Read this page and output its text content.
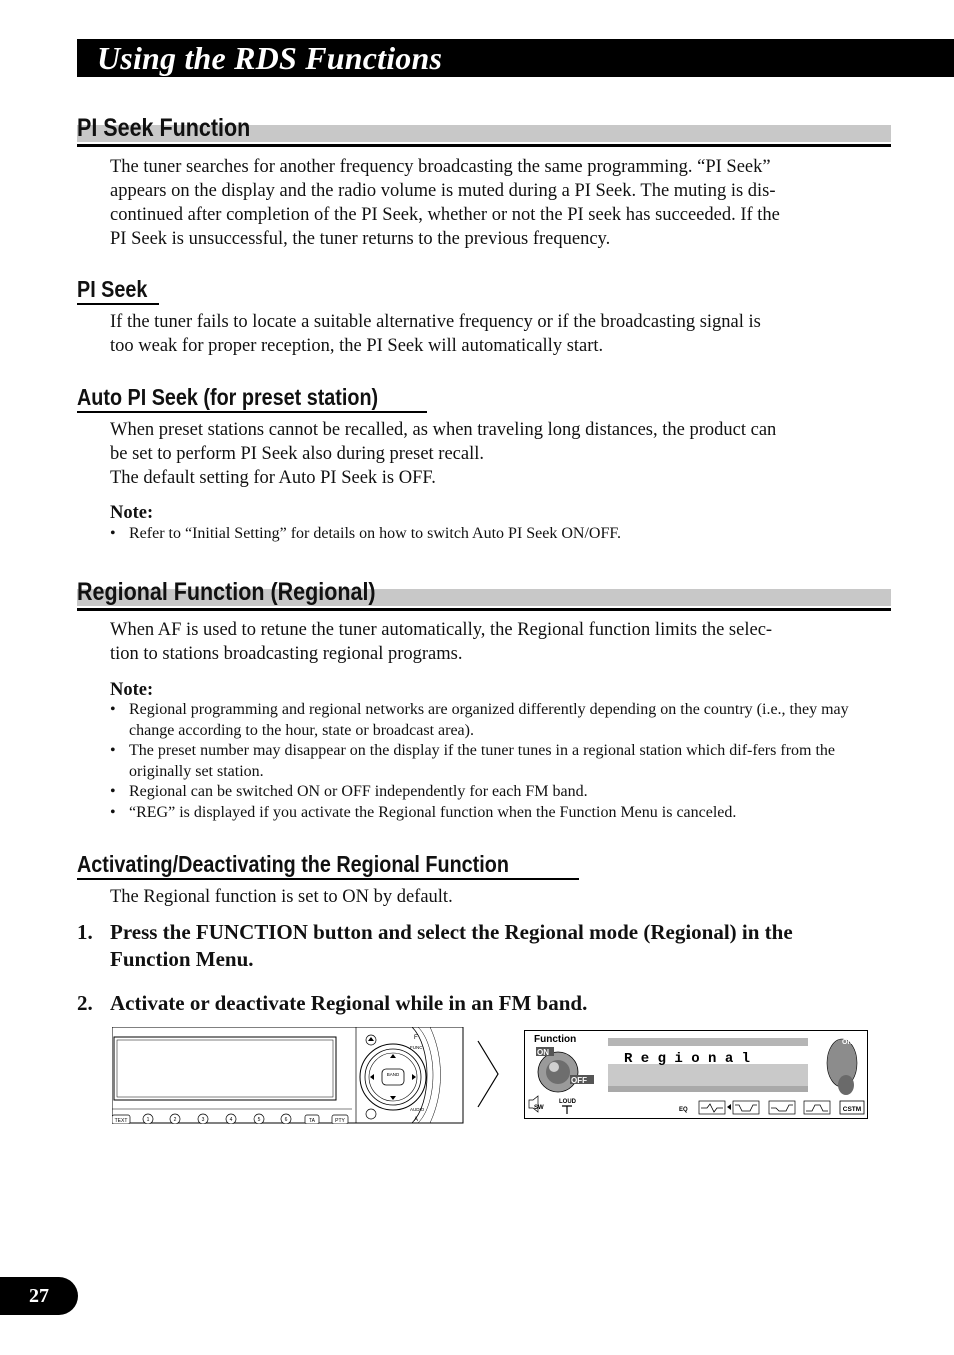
Using the RDS Functions
PI Seek Function
The tuner searches for another frequency broadcasting the same programming. “PI Seek”
appears on the display and the radio volume is muted during a PI Seek. The muting is dis-
continued after completion of the PI Seek, whether or not the PI seek has succeeded. If the
PI Seek is unsuccessful, the tuner returns to the previous frequency.
PI Seek
If the tuner fails to locate a suitable alternative frequency or if the broadcasting signal is
too weak for proper reception, the PI Seek will automatically start.
Auto PI Seek (for preset station)
When preset stations cannot be recalled, as when traveling long distances, the product can
be set to perform PI Seek also during preset recall.
The default setting for Auto PI Seek is OFF.
Note:
• Refer to “Initial Setting” for details on how to switch Auto PI Seek ON/OFF.
Regional Function (Regional)
When AF is used to retune the tuner automatically, the Regional function limits the selec-
tion to stations broadcasting regional programs.
Note:
• Regional programming and regional networks are organized differently depending on the country (i.e., they may change according to the hour, state or broadcast area).
• The preset number may disappear on the display if the tuner tunes in a regional station which dif-fers from the originally set station.
• Regional can be switched ON or OFF independently for each FM band.
• “REG” is displayed if you activate the Regional function when the Function Menu is canceled.
Activating/Deactivating the Regional Function
The Regional function is set to ON by default.
1. Press the FUNCTION button and select the Regional mode (Regional) in the Function Menu.
2. Activate or deactivate Regional while in an FM band.
TEXT	1	2	3	4	5	6	TA	PTY
BAND
F
FUNC
AUDIO
A
Function
ON
OFF
R e g i o n a l
ON
SW
LOUD
EQ	CSTM
27
